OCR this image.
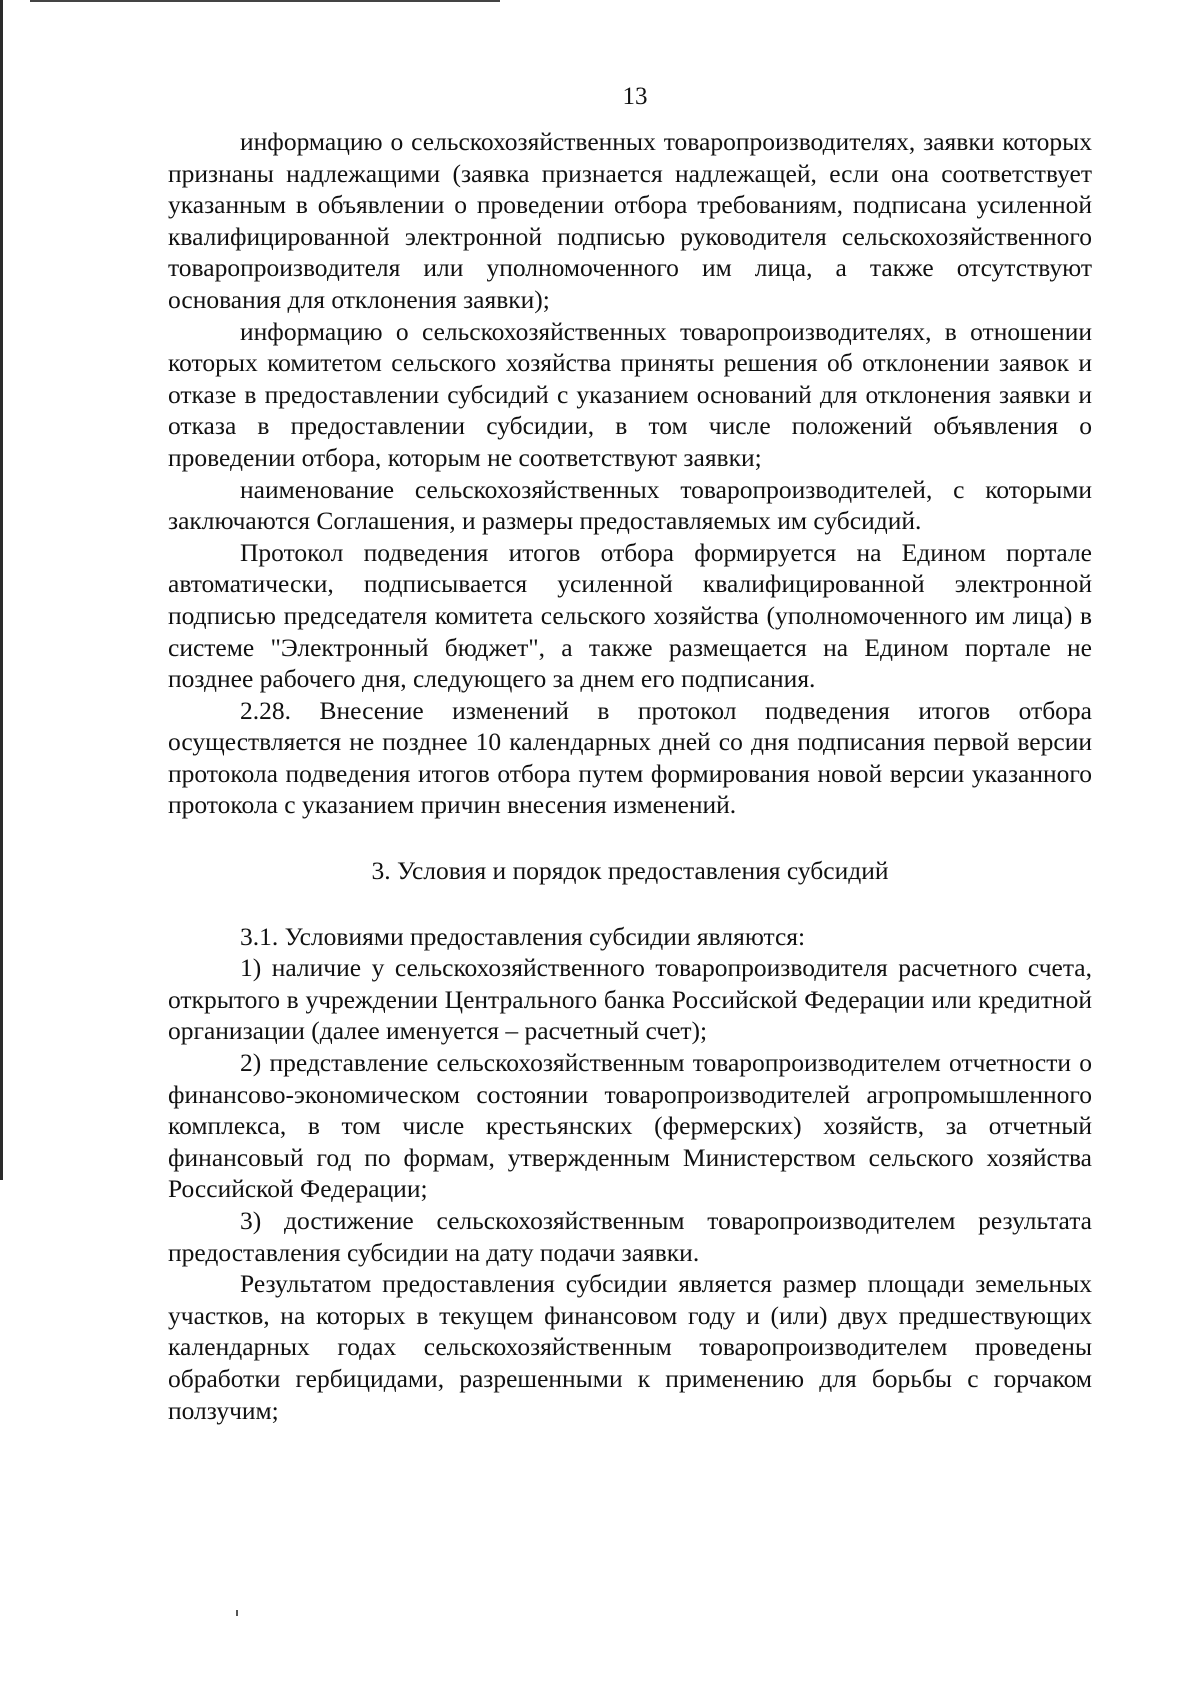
13

информацию о сельскохозяйственных товаропроизводителях, заявки которых признаны надлежащими (заявка признается надлежащей, если она соответствует указанным в объявлении о проведении отбора требованиям, подписана усиленной квалифицированной электронной подписью руководителя сельскохозяйственного товаропроизводителя или уполномоченного им лица, а также отсутствуют основания для отклонения заявки);

информацию о сельскохозяйственных товаропроизводителях, в отношении которых комитетом сельского хозяйства приняты решения об отклонении заявок и отказе в предоставлении субсидий с указанием оснований для отклонения заявки и отказа в предоставлении субсидии, в том числе положений объявления о проведении отбора, которым не соответствуют заявки;

наименование сельскохозяйственных товаропроизводителей, с которыми заключаются Соглашения, и размеры предоставляемых им субсидий.

Протокол подведения итогов отбора формируется на Едином портале автоматически, подписывается усиленной квалифицированной электронной подписью председателя комитета сельского хозяйства (уполномоченного им лица) в системе "Электронный бюджет", а также размещается на Едином портале не позднее рабочего дня, следующего за днем его подписания.

2.28. Внесение изменений в протокол подведения итогов отбора осуществляется не позднее 10 календарных дней со дня подписания первой версии протокола подведения итогов отбора путем формирования новой версии указанного протокола с указанием причин внесения изменений.

3. Условия и порядок предоставления субсидий

3.1. Условиями предоставления субсидии являются:

1) наличие у сельскохозяйственного товаропроизводителя расчетного счета, открытого в учреждении Центрального банка Российской Федерации или кредитной организации (далее именуется – расчетный счет);

2) представление сельскохозяйственным товаропроизводителем отчетности о финансово-экономическом состоянии товаропроизводителей агропромышленного комплекса, в том числе крестьянских (фермерских) хозяйств, за отчетный финансовый год по формам, утвержденным Министерством сельского хозяйства Российской Федерации;

3) достижение сельскохозяйственным товаропроизводителем результата предоставления субсидии на дату подачи заявки.

Результатом предоставления субсидии является размер площади земельных участков, на которых в текущем финансовом году и (или) двух предшествующих календарных годах сельскохозяйственным товаропроизводителем проведены обработки гербицидами, разрешенными к применению для борьбы с горчаком ползучим;
